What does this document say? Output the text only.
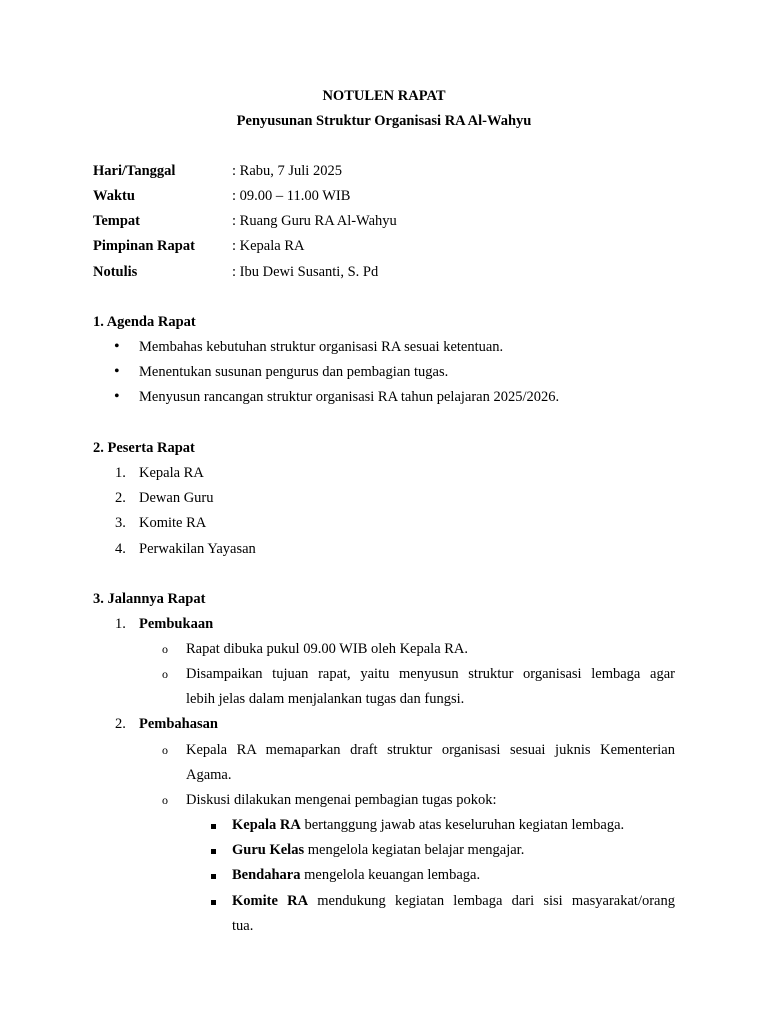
NOTULEN RAPAT
Penyusunan Struktur Organisasi RA Al-Wahyu
Hari/Tanggal	: Rabu, 7 Juli 2025
Waktu	: 09.00 – 11.00 WIB
Tempat	: Ruang Guru RA Al-Wahyu
Pimpinan Rapat	: Kepala RA
Notulis	: Ibu Dewi Susanti, S. Pd
1. Agenda Rapat
• Membahas kebutuhan struktur organisasi RA sesuai ketentuan.
• Menentukan susunan pengurus dan pembagian tugas.
• Menyusun rancangan struktur organisasi RA tahun pelajaran 2025/2026.
2. Peserta Rapat
1. Kepala RA
2. Dewan Guru
3. Komite RA
4. Perwakilan Yayasan
3. Jalannya Rapat
1. Pembukaan
o Rapat dibuka pukul 09.00 WIB oleh Kepala RA.
o Disampaikan tujuan rapat, yaitu menyusun struktur organisasi lembaga agar
lebih jelas dalam menjalankan tugas dan fungsi.
2. Pembahasan
o Kepala RA memaparkan draft struktur organisasi sesuai juknis Kementerian
Agama.
o Diskusi dilakukan mengenai pembagian tugas pokok:
Kepala RA bertanggung jawab atas keseluruhan kegiatan lembaga.
Guru Kelas mengelola kegiatan belajar mengajar.
Bendahara mengelola keuangan lembaga.
Komite RA mendukung kegiatan lembaga dari sisi masyarakat/orang
tua.
